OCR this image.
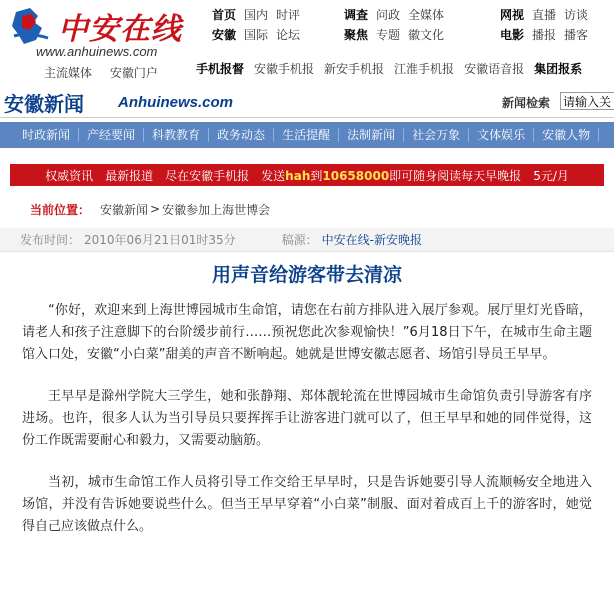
中安在线
www.anhuinews.com
主流媒体 安徽门户
首页 国内 时评	调查 问政 全媒体	网视 直播 访谈
安徽 国际 论坛	聚焦 专题 徽文化	电影 播报 播客
手机报督 安徽手机报 新安手机报 江淮手机报 安徽语音报 集团报系
安徽新闻 Anhuinews.com	新闻检索
请输入关
时政新闻	产经要闻	科教教育	政务动态	生活提醒	法制新闻	社会万象	文体娱乐	安徽人物
权威资讯 最新报道 尽在安徽手机报 发送hah到10658000即可随身阅读每天早晚报 5元/月
当前位置： 安徽新闻 > 安徽参加上海世博会
发布时间： 2010年06月21日01时35分	稿源： 中安在线-新安晚报
用声音给游客带去清凉

“你好，欢迎来到上海世博园城市生命馆，请您在右前方排队进入展厅参观。展厅里灯光昏暗，请老人和孩子注意脚下的台阶缓步前行……预祝您此次参观愉快！”6月18日下午，在城市生命主题馆入口处，安徽“小白菜”甜美的声音不断响起。她就是世博安徽志愿者、场馆引导员王早早。

王早早是滁州学院大三学生，她和张静翔、郑体靓轮流在世博园城市生命馆负责引导游客有序进场。也许，很多人认为当引导员只要挥挥手让游客进门就可以了，但王早早和她的同伴觉得，这份工作既需要耐心和毅力，又需要动脑筋。

当初，城市生命馆工作人员将引导工作交给王早早时，只是告诉她要引导人流顺畅安全地进入场馆，并没有告诉她要说些什么。但当王早早穿着“小白菜”制服、面对着成百上千的游客时，她觉得自己应该做点什么。
